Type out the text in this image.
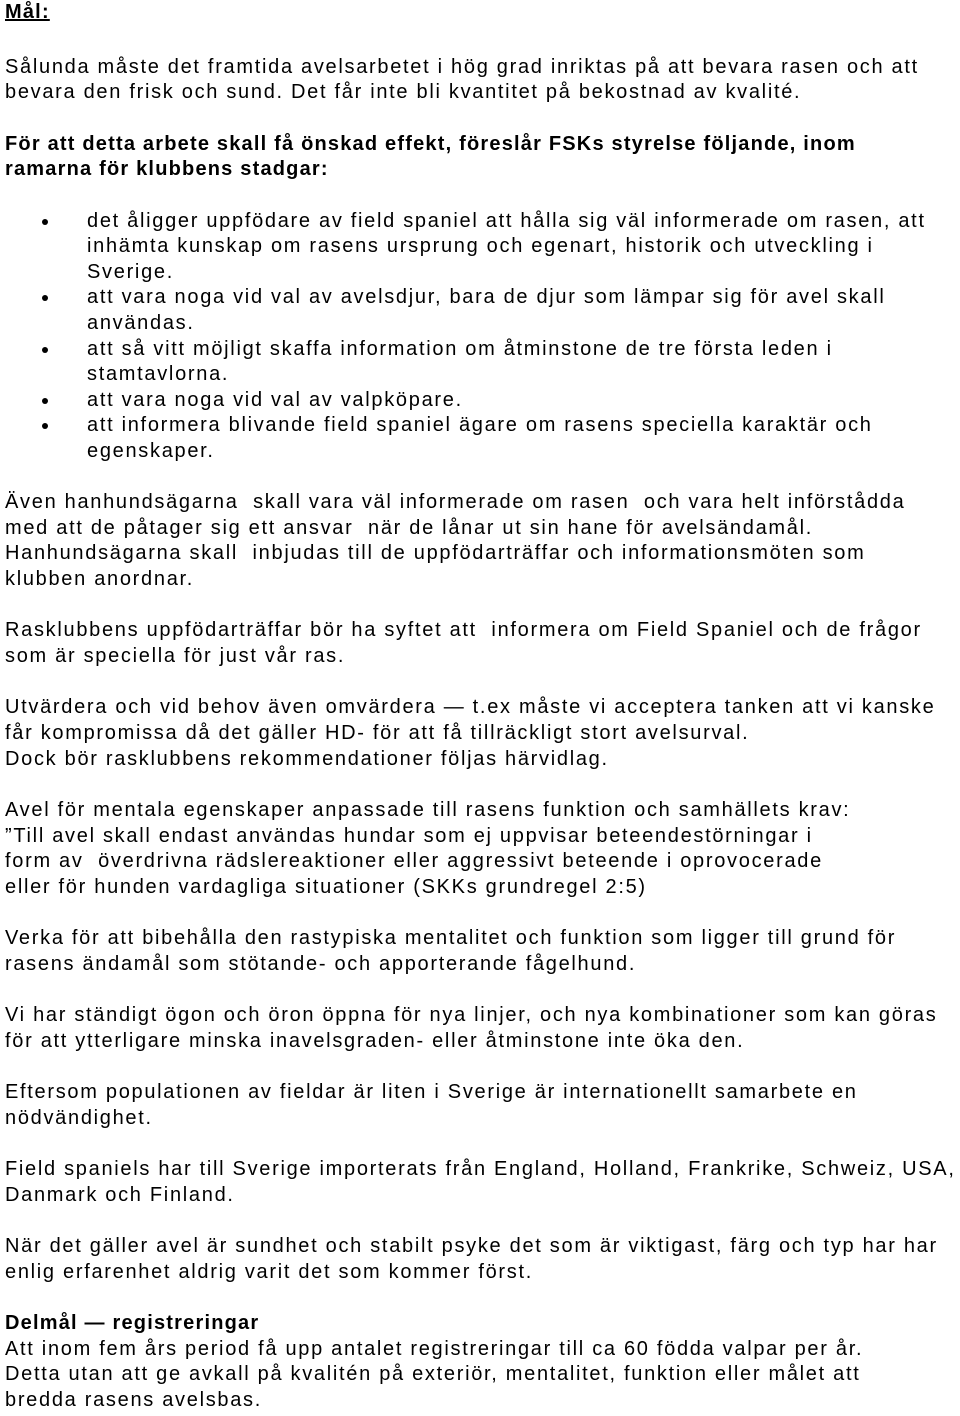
Mål:
Sålunda måste det framtida avelsarbetet i hög grad inriktas på att bevara rasen och att
bevara den frisk och sund. Det får inte bli kvantitet på bekostnad av kvalité.
För att detta arbete skall få önskad effekt, föreslår FSKs styrelse följande, inom
ramarna för klubbens stadgar:
det åligger uppfödare av field spaniel att hålla sig väl informerade om rasen, att
inhämta kunskap om rasens ursprung och egenart, historik och utveckling i
Sverige.
att vara noga vid val av avelsdjur, bara de djur som lämpar sig för avel skall
användas.
att så vitt möjligt skaffa information om åtminstone de tre första leden i
stamtavlorna.
att vara noga vid val av valpköpare.
att informera blivande field spaniel ägare om rasens speciella karaktär och
egenskaper.
Även hanhundsägarna  skall vara väl informerade om rasen  och vara helt införstådda
med att de påtager sig ett ansvar  när de lånar ut sin hane för avelsändamål.
Hanhundsägarna skall  inbjudas till de uppfödarträffar och informationsmöten som
klubben anordnar.
Rasklubbens uppfödarträffar bör ha syftet att  informera om Field Spaniel och de frågor
som är speciella för just vår ras.
Utvärdera och vid behov även omvärdera — t.ex måste vi acceptera tanken att vi kanske
får kompromissa då det gäller HD- för att få tillräckligt stort avelsurval.
Dock bör rasklubbens rekommendationer följas härvidlag.
Avel för mentala egenskaper anpassade till rasens funktion och samhällets krav:
”Till avel skall endast användas hundar som ej uppvisar beteendestörningar i
form av  överdrivna rädslereaktioner eller aggressivt beteende i oprovocerade
eller för hunden vardagliga situationer (SKKs grundregel 2:5)
Verka för att bibehålla den rastypiska mentalitet och funktion som ligger till grund för
rasens ändamål som stötande- och apporterande fågelhund.
Vi har ständigt ögon och öron öppna för nya linjer, och nya kombinationer som kan göras
för att ytterligare minska inavelsgraden- eller åtminstone inte öka den.
Eftersom populationen av fieldar är liten i Sverige är internationellt samarbete en
nödvändighet.
Field spaniels har till Sverige importerats från England, Holland, Frankrike, Schweiz, USA,
Danmark och Finland.
När det gäller avel är sundhet och stabilt psyke det som är viktigast, färg och typ har har
enlig erfarenhet aldrig varit det som kommer först.
Delmål — registreringar
Att inom fem års period få upp antalet registreringar till ca 60 födda valpar per år.
Detta utan att ge avkall på kvalitén på exteriör, mentalitet, funktion eller målet att
bredda rasens avelsbas.
